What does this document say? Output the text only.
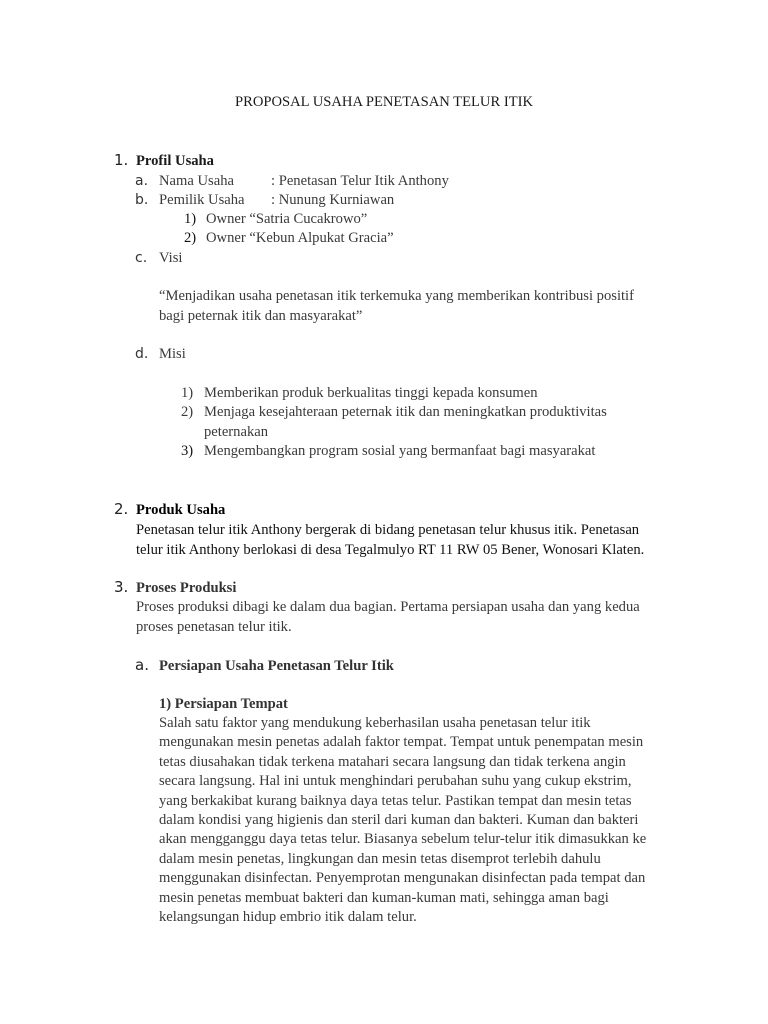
PROPOSAL USAHA PENETASAN TELUR ITIK
1. Profil Usaha
a. Nama Usaha	: Penetasan Telur Itik Anthony
b. Pemilik Usaha : Nunung Kurniawan
1) Owner “Satria Cucakrowo”
2) Owner “Kebun Alpukat Gracia”
c. Visi
“Menjadikan usaha penetasan itik terkemuka yang memberikan kontribusi positif
bagi peternak itik dan masyarakat”
d. Misi
1) Memberikan produk berkualitas tinggi kepada konsumen
2) Menjaga kesejahteraan peternak itik dan meningkatkan produktivitas
peternakan
3) Mengembangkan program sosial yang bermanfaat bagi masyarakat
2. Produk Usaha
Penetasan telur itik Anthony bergerak di bidang penetasan telur khusus itik. Penetasan
telur itik Anthony berlokasi di desa Tegalmulyo RT 11 RW 05 Bener, Wonosari Klaten.
3. Proses Produksi
Proses produksi dibagi ke dalam dua bagian. Pertama persiapan usaha dan yang kedua
proses penetasan telur itik.
a. Persiapan Usaha Penetasan Telur Itik
1) Persiapan Tempat
Salah satu faktor yang mendukung keberhasilan usaha penetasan telur itik
mengunakan mesin penetas adalah faktor tempat. Tempat untuk penempatan mesin
tetas diusahakan tidak terkena matahari secara langsung dan tidak terkena angin
secara langsung. Hal ini untuk menghindari perubahan suhu yang cukup ekstrim,
yang berkakibat kurang baiknya daya tetas telur. Pastikan tempat dan mesin tetas
dalam kondisi yang higienis dan steril dari kuman dan bakteri. Kuman dan bakteri
akan mengganggu daya tetas telur. Biasanya sebelum telur-telur itik dimasukkan ke
dalam mesin penetas, lingkungan dan mesin tetas disemprot terlebih dahulu
menggunakan disinfectan. Penyemprotan mengunakan disinfectan pada tempat dan
mesin penetas membuat bakteri dan kuman-kuman mati, sehingga aman bagi
kelangsungan hidup embrio itik dalam telur.
